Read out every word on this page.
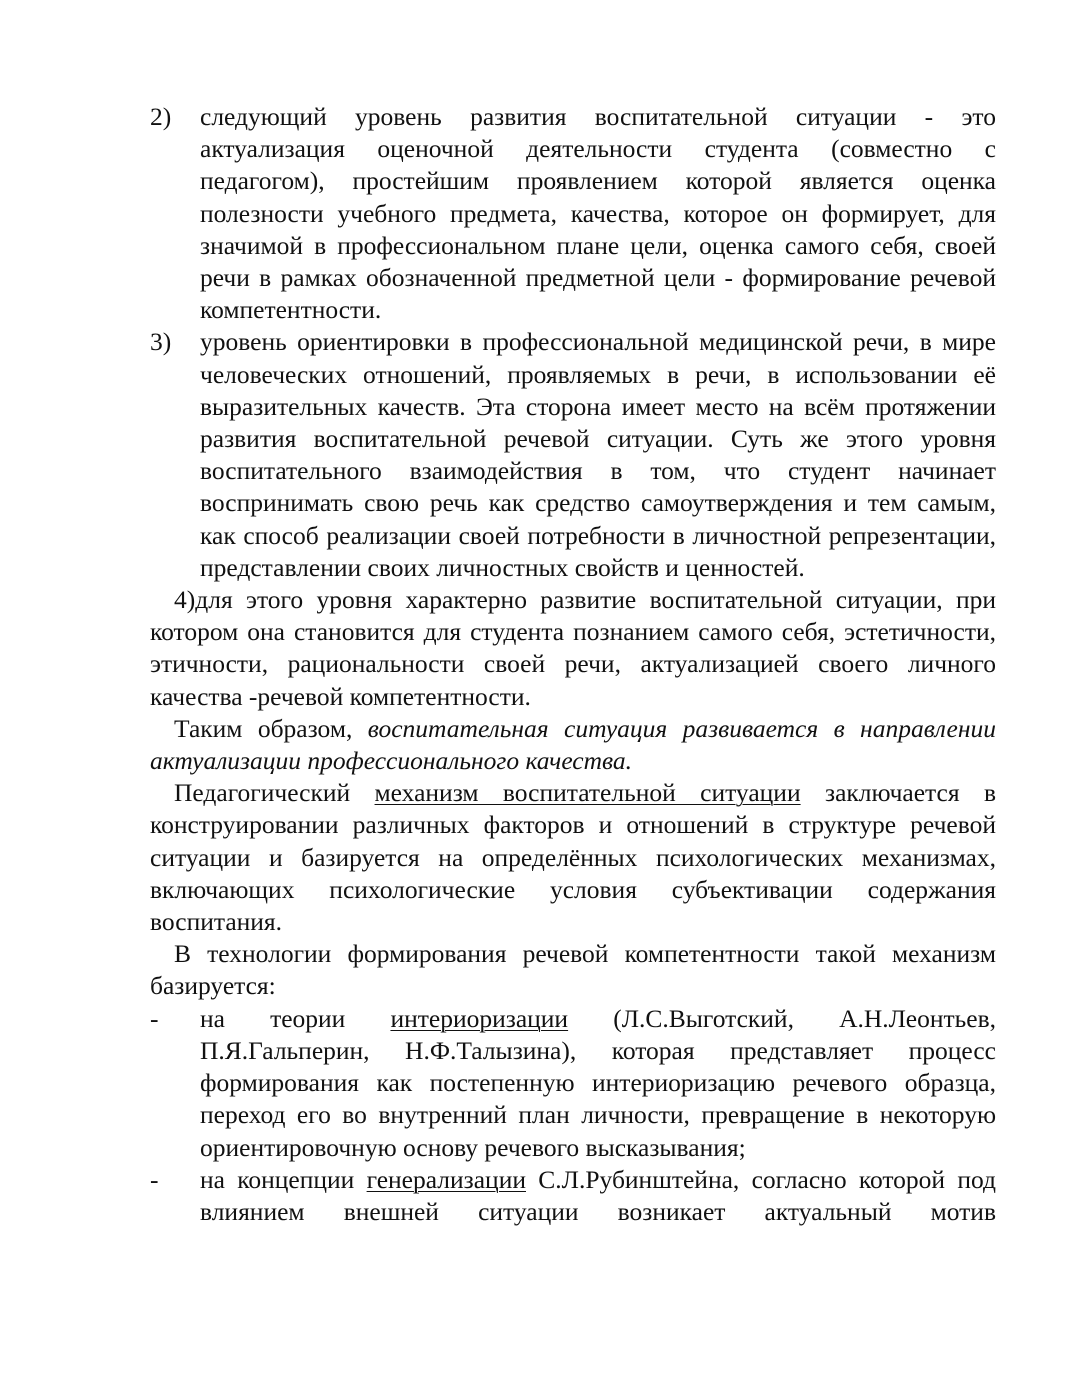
2)	следующий уровень развития воспитательной ситуации - это актуализация оценочной деятельности студента (совместно с педагогом), простейшим проявлением которой является оценка полезности учебного предмета, качества, которое он формирует, для значимой в профессиональном плане цели, оценка самого себя, своей речи в рамках обозначенной предметной цели - формирование речевой компетентности.
3)	уровень ориентировки в профессиональной медицинской речи, в мире человеческих отношений, проявляемых в речи, в использовании её выразительных качеств. Эта сторона имеет место на всём протяжении развития воспитательной речевой ситуации. Суть же этого уровня воспитательного взаимодействия в том, что студент начинает воспринимать свою речь как средство самоутверждения и тем самым, как способ реализации своей потребности в личностной репрезентации, представлении своих личностных свойств и ценностей.

4)для этого уровня характерно развитие воспитательной ситуации, при котором она становится для студента познанием самого себя, эстетичности, этичности, рациональности своей речи, актуализацией своего личного качества -речевой компетентности.

Таким образом, воспитательная ситуация развивается в направлении актуализации профессионального качества.

Педагогический механизм воспитательной ситуации заключается в конструировании различных факторов и отношений в структуре речевой ситуации и базируется на определённых психологических механизмах, включающих психологические условия субъективации содержания воспитания.

В технологии формирования речевой компетентности такой механизм базируется:

-	на теории интериоризации (Л.С.Выготский, А.Н.Леонтьев, П.Я.Гальперин, Н.Ф.Талызина), которая представляет процесс формирования как постепенную интериоризацию речевого образца, переход его во внутренний план личности, превращение в некоторую ориентировочную основу речевого высказывания;
-	на концепции генерализации С.Л.Рубинштейна, согласно которой под влиянием внешней ситуации возникает актуальный мотив
